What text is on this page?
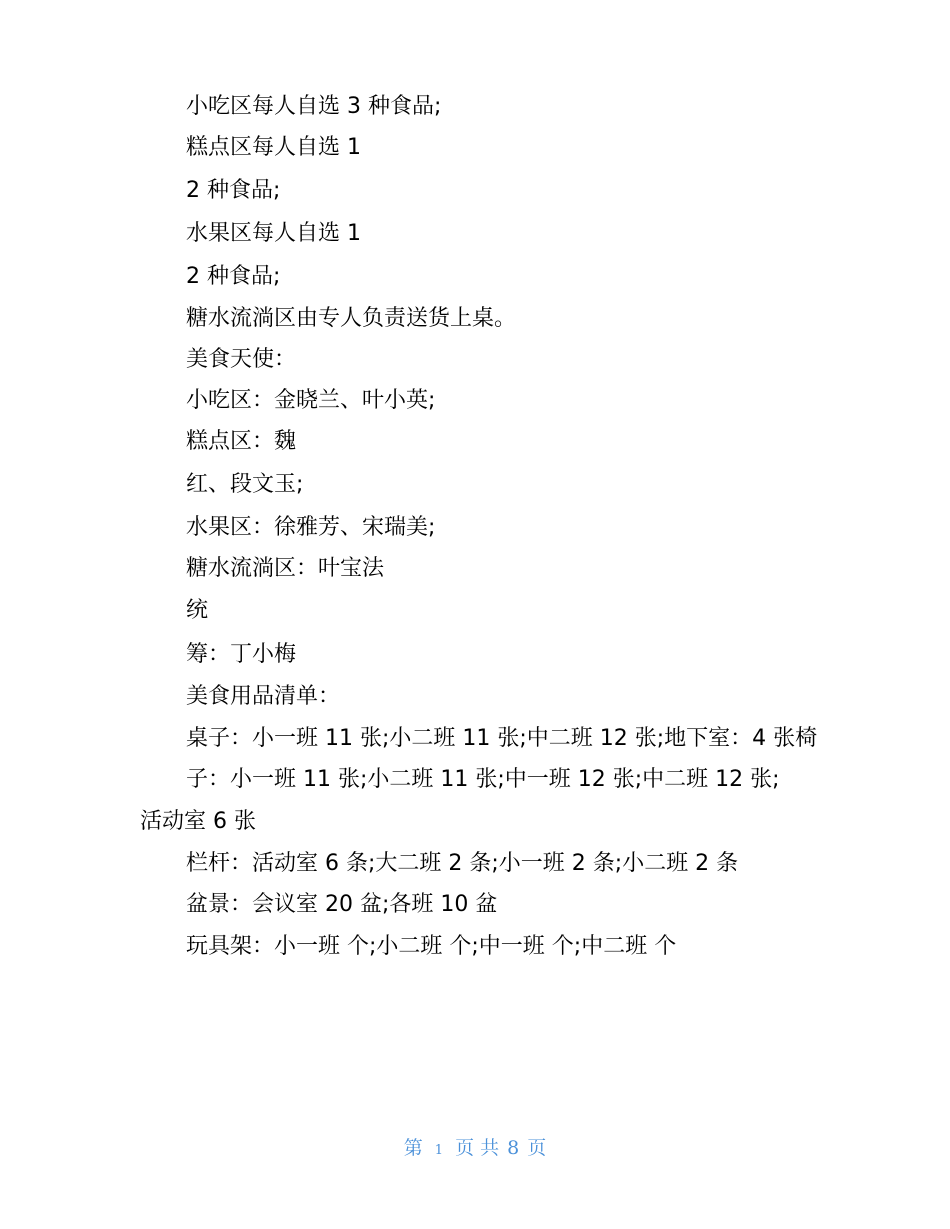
小吃区每人自选 3 种食品;
糕点区每人自选 1
2 种食品;
水果区每人自选 1
2 种食品;
糖水流淌区由专人负责送货上桌。
美食天使：
小吃区：金晓兰、叶小英;
糕点区：魏
红、段文玉;
水果区：徐雅芳、宋瑞美;
糖水流淌区：叶宝法
统
筹：丁小梅
美食用品清单：
桌子：小一班 11 张;小二班 11 张;中二班 12 张;地下室：4 张椅
子：小一班 11 张;小二班 11 张;中一班 12 张;中二班 12 张;
活动室 6 张
栏杆：活动室 6 条;大二班 2 条;小一班 2 条;小二班 2 条
盆景：会议室 20 盆;各班 10 盆
玩具架：小一班 个;小二班 个;中一班 个;中二班 个
第 1 页 共 8 页
